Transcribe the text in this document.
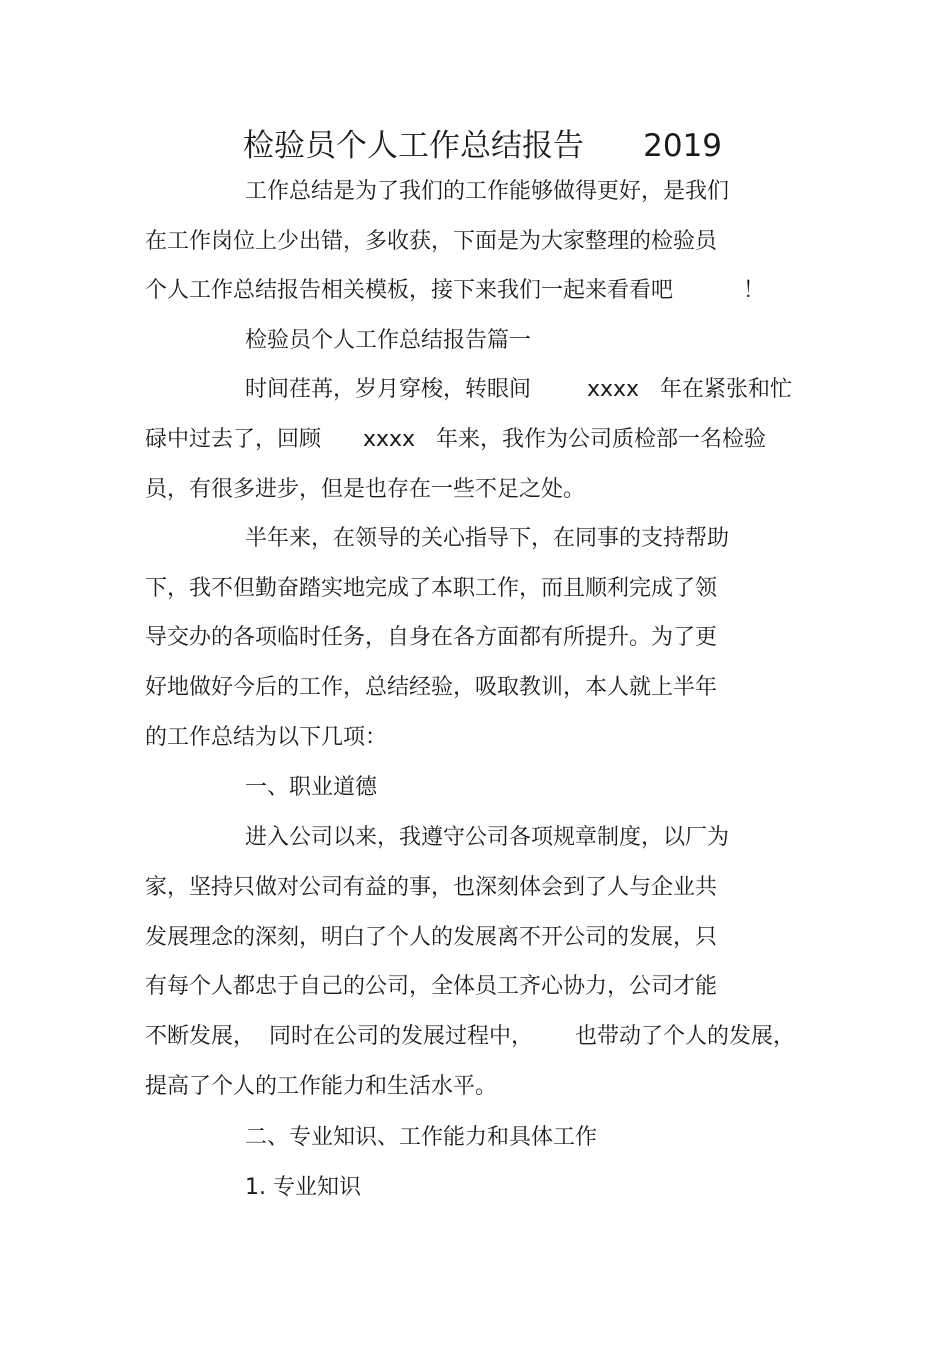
检验员个人工作总结报告      2019

工作总结是为了我们的工作能够做得更好，是我们

在工作岗位上少出错，多收获，下面是为大家整理的检验员

个人工作总结报告相关模板，接下来我们一起来看看吧          ！

检验员个人工作总结报告篇一

时间荏苒，岁月穿梭，转眼间        xxxx   年在紧张和忙

碌中过去了，回顾      xxxx   年来，我作为公司质检部一名检验

员，有很多进步，但是也存在一些不足之处。

半年来，在领导的关心指导下，在同事的支持帮助

下，我不但勤奋踏实地完成了本职工作，而且顺利完成了领

导交办的各项临时任务，自身在各方面都有所提升。为了更

好地做好今后的工作，总结经验，吸取教训，本人就上半年

的工作总结为以下几项：

一、职业道德

进入公司以来，我遵守公司各项规章制度，以厂为

家，坚持只做对公司有益的事，也深刻体会到了人与企业共

发展理念的深刻，明白了个人的发展离不开公司的发展，只

有每个人都忠于自己的公司，全体员工齐心协力，公司才能

不断发展，  同时在公司的发展过程中，      也带动了个人的发展，

提高了个人的工作能力和生活水平。

二、专业知识、工作能力和具体工作

1. 专业知识
